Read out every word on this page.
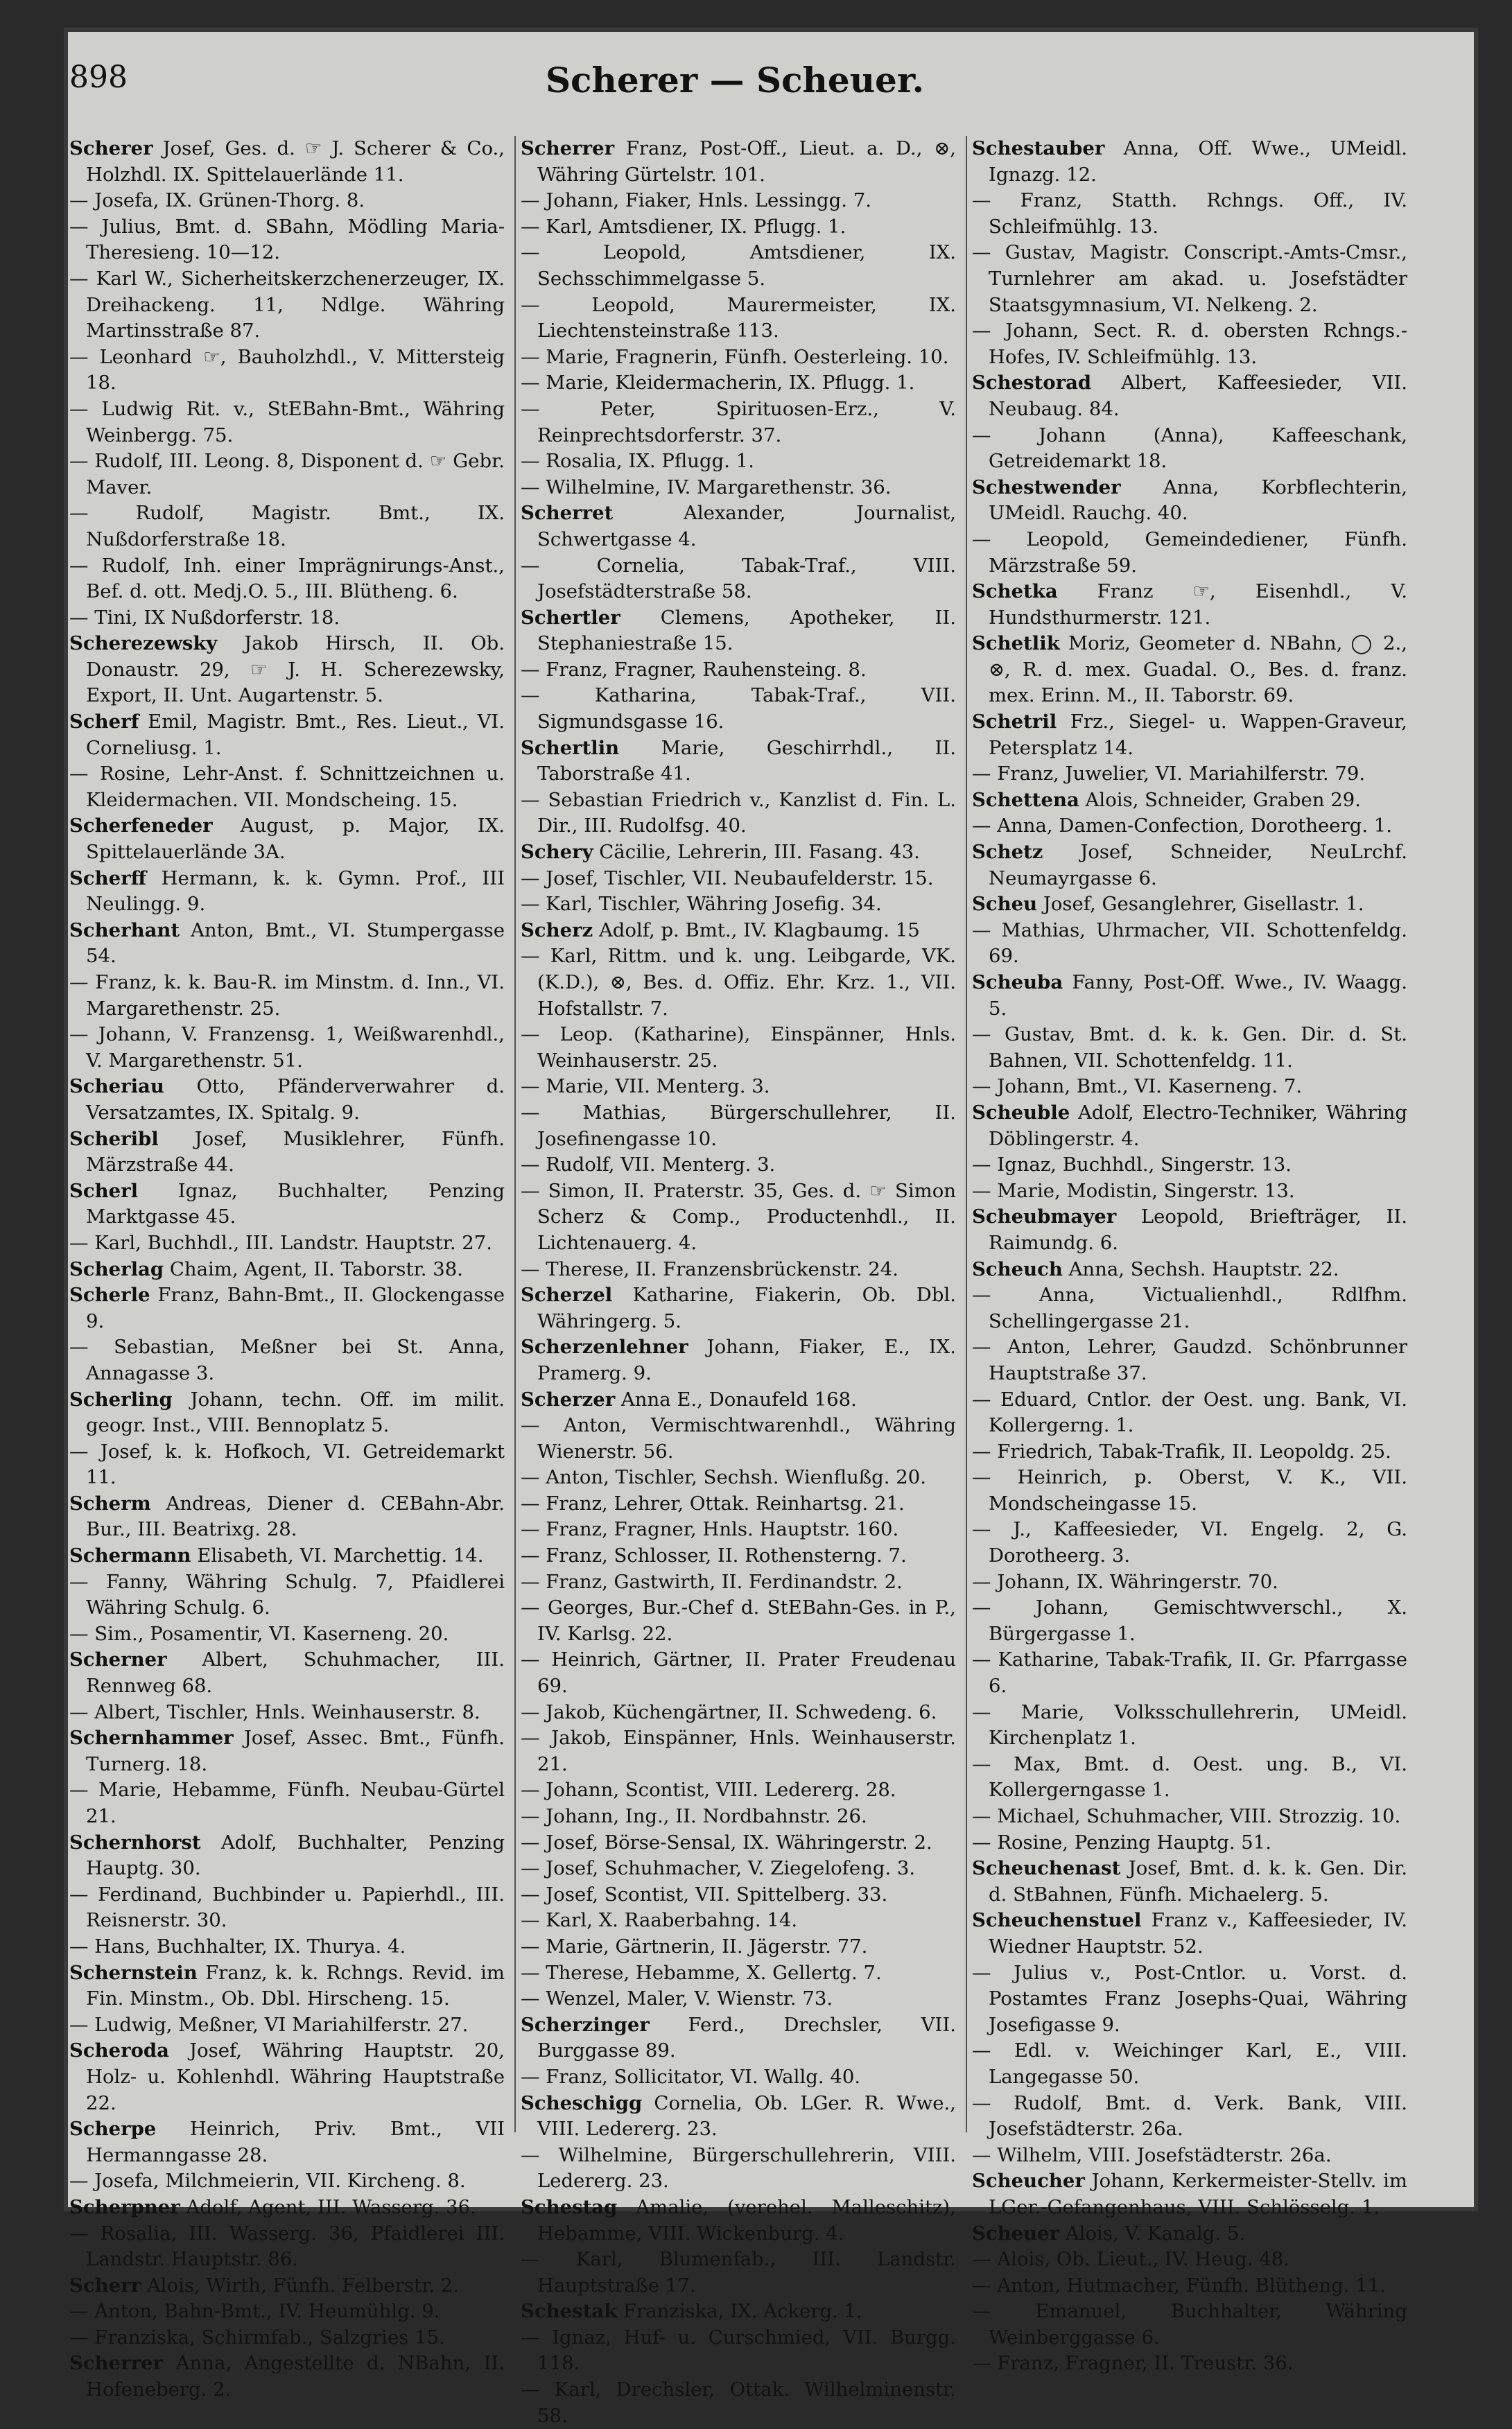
898	Scherer — Scheuer.
Scherer Josef, Ges. d. ☞ J. Scherer & Co., Holzhdl. IX. Spittelauerlände 11.
— Josefa, IX. Grünen-Thorg. 8.
— Julius, Bmt. d. SBahn, Mödling Maria-Theresieng. 10—12.
— Karl W., Sicherheitskerzchenerzeuger, IX. Dreihackeng. 11, Ndlge. Währing Martinsstraße 87.
— Leonhard ☞, Bauholzhdl., V. Mittersteig 18.
— Ludwig Rit. v., StEBahn-Bmt., Währing Weinbergg. 75.
— Rudolf, III. Leong. 8, Disponent d. ☞ Gebr. Maver.
— Rudolf, Magistr. Bmt., IX. Nußdorferstraße 18.
— Rudolf, Inh. einer Imprägnirungs-Anst., Bef. d. ott. Medj.O. 5., III. Blütheng. 6.
— Tini, IX Nußdorferstr. 18.
Scherezewsky Jakob Hirsch, II. Ob. Donaustr. 29, ☞ J. H. Scherezewsky, Export, II. Unt. Augartenstr. 5.
Scherf Emil, Magistr. Bmt., Res. Lieut., VI. Corneliusg. 1.
— Rosine, Lehr-Anst. f. Schnittzeichnen u. Kleidermachen. VII. Mondscheing. 15.
Scherfeneder August, p. Major, IX. Spittelauerlände 3A.
Scherff Hermann, k. k. Gymn. Prof., III Neulingg. 9.
Scherhant Anton, Bmt., VI. Stumpergasse 54.
— Franz, k. k. Bau-R. im Minstm. d. Inn., VI. Margarethenstr. 25.
— Johann, V. Franzensg. 1, Weißwarenhdl., V. Margarethenstr. 51.
Scheriau Otto, Pfänderverwahrer d. Versatzamtes, IX. Spitalg. 9.
Scheribl Josef, Musiklehrer, Fünfh. Märzstraße 44.
Scherl Ignaz, Buchhalter, Penzing Marktgasse 45.
— Karl, Buchhdl., III. Landstr. Hauptstr. 27.
Scherlag Chaim, Agent, II. Taborstr. 38.
Scherle Franz, Bahn-Bmt., II. Glockengasse 9.
— Sebastian, Meßner bei St. Anna, Annagasse 3.
Scherling Johann, techn. Off. im milit. geogr. Inst., VIII. Bennoplatz 5.
— Josef, k. k. Hofkoch, VI. Getreidemarkt 11.
Scherm Andreas, Diener d. CEBahn-Abr. Bur., III. Beatrixg. 28.
Schermann Elisabeth, VI. Marchettig. 14.
— Fanny, Währing Schulg. 7, Pfaidlerei Währing Schulg. 6.
— Sim., Posamentir, VI. Kaserneng. 20.
Scherner Albert, Schuhmacher, III. Rennweg 68.
— Albert, Tischler, Hnls. Weinhauserstr. 8.
Schernhammer Josef, Assec. Bmt., Fünfh. Turnerg. 18.
— Marie, Hebamme, Fünfh. Neubau-Gürtel 21.
Schernhorst Adolf, Buchhalter, Penzing Hauptg. 30.
— Ferdinand, Buchbinder u. Papierhdl., III. Reisnerstr. 30.
— Hans, Buchhalter, IX. Thurya. 4.
Schernstein Franz, k. k. Rchngs. Revid. im Fin. Minstm., Ob. Dbl. Hirscheng. 15.
— Ludwig, Meßner, VI Mariahilferstr. 27.
Scheroda Josef, Währing Hauptstr. 20, Holz- u. Kohlenhdl. Währing Hauptstraße 22.
Scherpe Heinrich, Priv. Bmt., VII Hermanngasse 28.
— Josefa, Milchmeierin, VII. Kircheng. 8.
Scherpner Adolf, Agent, III. Wasserg. 36.
— Rosalia, III. Wasserg. 36, Pfaidlerei III. Landstr. Hauptstr. 86.
Scherr Alois, Wirth, Fünfh. Felberstr. 2.
— Anton, Bahn-Bmt., IV. Heumühlg. 9.
— Franziska, Schirmfab., Salzgries 15.
Scherrer Anna, Angestellte d. NBahn, II. Hofeneberg. 2.
Scherrer Franz, Post-Off., Lieut. a. D., ⊗, Währing Gürtelstr. 101.
— Johann, Fiaker, Hnls. Lessingg. 7.
— Karl, Amtsdiener, IX. Pflugg. 1.
— Leopold, Amtsdiener, IX. Sechsschimmelgasse 5.
— Leopold, Maurermeister, IX. Liechtensteinstraße 113.
— Marie, Fragnerin, Fünfh. Oesterleing. 10.
— Marie, Kleidermacherin, IX. Pflugg. 1.
— Peter, Spirituosen-Erz., V. Reinprechtsdorferstr. 37.
— Rosalia, IX. Pflugg. 1.
— Wilhelmine, IV. Margarethenstr. 36.
Scherret Alexander, Journalist, Schwertgasse 4.
— Cornelia, Tabak-Traf., VIII. Josefstädterstraße 58.
Schertler Clemens, Apotheker, II. Stephaniestraße 15.
— Franz, Fragner, Rauhensteing. 8.
— Katharina, Tabak-Traf., VII. Sigmundsgasse 16.
Schertlin Marie, Geschirrhdl., II. Taborstraße 41.
— Sebastian Friedrich v., Kanzlist d. Fin. L. Dir., III. Rudolfsg. 40.
Schery Cäcilie, Lehrerin, III. Fasang. 43.
— Josef, Tischler, VII. Neubaufelderstr. 15.
— Karl, Tischler, Währing Josefig. 34.
Scherz Adolf, p. Bmt., IV. Klagbaumg. 15
— Karl, Rittm. und k. ung. Leibgarde, VK. (K.D.), ⊗, Bes. d. Offiz. Ehr. Krz. 1., VII. Hofstallstr. 7.
— Leop. (Katharine), Einspänner, Hnls. Weinhauserstr. 25.
— Marie, VII. Menterg. 3.
— Mathias, Bürgerschullehrer, II. Josefinengasse 10.
— Rudolf, VII. Menterg. 3.
— Simon, II. Praterstr. 35, Ges. d. ☞ Simon Scherz & Comp., Productenhdl., II. Lichtenauerg. 4.
— Therese, II. Franzensbrückenstr. 24.
Scherzel Katharine, Fiakerin, Ob. Dbl. Währingerg. 5.
Scherzenlehner Johann, Fiaker, E., IX. Pramerg. 9.
Scherzer Anna E., Donaufeld 168.
— Anton, Vermischtwarenhdl., Währing Wienerstr. 56.
— Anton, Tischler, Sechsh. Wienflußg. 20.
— Franz, Lehrer, Ottak. Reinhartsg. 21.
— Franz, Fragner, Hnls. Hauptstr. 160.
— Franz, Schlosser, II. Rothensterng. 7.
— Franz, Gastwirth, II. Ferdinandstr. 2.
— Georges, Bur.-Chef d. StEBahn-Ges. in P., IV. Karlsg. 22.
— Heinrich, Gärtner, II. Prater Freudenau 69.
— Jakob, Küchengärtner, II. Schwedeng. 6.
— Jakob, Einspänner, Hnls. Weinhauserstr. 21.
— Johann, Scontist, VIII. Ledererg. 28.
— Johann, Ing., II. Nordbahnstr. 26.
— Josef, Börse-Sensal, IX. Währingerstr. 2.
— Josef, Schuhmacher, V. Ziegelofeng. 3.
— Josef, Scontist, VII. Spittelberg. 33.
— Karl, X. Raaberbahng. 14.
— Marie, Gärtnerin, II. Jägerstr. 77.
— Therese, Hebamme, X. Gellertg. 7.
— Wenzel, Maler, V. Wienstr. 73.
Scherzinger Ferd., Drechsler, VII. Burggasse 89.
— Franz, Sollicitator, VI. Wallg. 40.
Scheschigg Cornelia, Ob. LGer. R. Wwe., VIII. Ledererg. 23.
— Wilhelmine, Bürgerschullehrerin, VIII. Ledererg. 23.
Schestag Amalie, (verehel. Malleschitz), Hebamme, VIII. Wickenburg. 4.
— Karl, Blumenfab., III. Landstr. Hauptstraße 17.
Schestak Franziska, IX. Ackerg. 1.
— Ignaz, Huf- u. Curschmied, VII. Burgg. 118.
— Karl, Drechsler, Ottak. Wilhelminenstr. 58.
Schestauber Anna, Off. Wwe., UMeidl. Ignazg. 12.
— Franz, Statth. Rchngs. Off., IV. Schleifmühlg. 13.
— Gustav, Magistr. Conscript.-Amts-Cmsr., Turnlehrer am akad. u. Josefstädter Staatsgymnasium, VI. Nelkeng. 2.
— Johann, Sect. R. d. obersten Rchngs.-Hofes, IV. Schleifmühlg. 13.
Schestorad Albert, Kaffeesieder, VII. Neubaug. 84.
— Johann (Anna), Kaffeeschank, Getreidemarkt 18.
Schestwender Anna, Korbflechterin, UMeidl. Rauchg. 40.
— Leopold, Gemeindediener, Fünfh. Märzstraße 59.
Schetka Franz ☞, Eisenhdl., V. Hundsthurmerstr. 121.
Schetlik Moriz, Geometer d. NBahn, ◯ 2., ⊗, R. d. mex. Guadal. O., Bes. d. franz. mex. Erinn. M., II. Taborstr. 69.
Schetril Frz., Siegel- u. Wappen-Graveur, Petersplatz 14.
— Franz, Juwelier, VI. Mariahilferstr. 79.
Schettena Alois, Schneider, Graben 29.
— Anna, Damen-Confection, Dorotheerg. 1.
Schetz Josef, Schneider, NeuLrchf. Neumayrgasse 6.
Scheu Josef, Gesanglehrer, Gisellastr. 1.
— Mathias, Uhrmacher, VII. Schottenfeldg. 69.
Scheuba Fanny, Post-Off. Wwe., IV. Waagg. 5.
— Gustav, Bmt. d. k. k. Gen. Dir. d. St. Bahnen, VII. Schottenfeldg. 11.
— Johann, Bmt., VI. Kaserneng. 7.
Scheuble Adolf, Electro-Techniker, Währing Döblingerstr. 4.
— Ignaz, Buchhdl., Singerstr. 13.
— Marie, Modistin, Singerstr. 13.
Scheubmayer Leopold, Briefträger, II. Raimundg. 6.
Scheuch Anna, Sechsh. Hauptstr. 22.
— Anna, Victualienhdl., Rdlfhm. Schellingergasse 21.
— Anton, Lehrer, Gaudzd. Schönbrunner Hauptstraße 37.
— Eduard, Cntlor. der Oest. ung. Bank, VI. Kollergerng. 1.
— Friedrich, Tabak-Trafik, II. Leopoldg. 25.
— Heinrich, p. Oberst, V. K., VII. Mondscheingasse 15.
— J., Kaffeesieder, VI. Engelg. 2, G. Dorotheerg. 3.
— Johann, IX. Währingerstr. 70.
— Johann, Gemischtwverschl., X. Bürgergasse 1.
— Katharine, Tabak-Trafik, II. Gr. Pfarrgasse 6.
— Marie, Volksschullehrerin, UMeidl. Kirchenplatz 1.
— Max, Bmt. d. Oest. ung. B., VI. Kollergerngasse 1.
— Michael, Schuhmacher, VIII. Strozzig. 10.
— Rosine, Penzing Hauptg. 51.
Scheuchenast Josef, Bmt. d. k. k. Gen. Dir. d. StBahnen, Fünfh. Michaelerg. 5.
Scheuchenstuel Franz v., Kaffeesieder, IV. Wiedner Hauptstr. 52.
— Julius v., Post-Cntlor. u. Vorst. d. Postamtes Franz Josephs-Quai, Währing Josefigasse 9.
— Edl. v. Weichinger Karl, E., VIII. Langegasse 50.
— Rudolf, Bmt. d. Verk. Bank, VIII. Josefstädterstr. 26a.
— Wilhelm, VIII. Josefstädterstr. 26a.
Scheucher Johann, Kerkermeister-Stellv. im LGer.-Gefangenhaus, VIII. Schlösselg. 1.
Scheuer Alois, V. Kanalg. 5.
— Alois, Ob. Lieut., IV. Heug. 48.
— Anton, Hutmacher, Fünfh. Blütheng. 11.
— Emanuel, Buchhalter, Währing Weinberggasse 6.
— Franz, Fragner, II. Treustr. 36.
